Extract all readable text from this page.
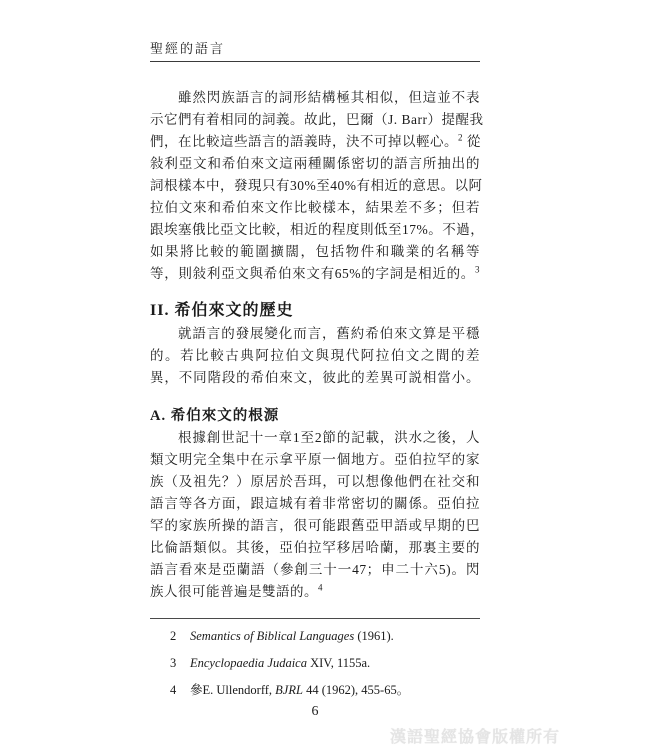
聖經的語言
雖然閃族語言的詞形結構極其相似，但這並不表
示它們有着相同的詞義。故此，巴爾（J. Barr）提醒我
們，在比較這些語言的語義時，決不可掉以輕心。$^2$ 從
敍利亞文和希伯來文這兩種關係密切的語言所抽出的
詞根樣本中，發現只有30%至40%有相近的意思。以阿
拉伯文來和希伯來文作比較樣本，結果差不多；但若
跟埃塞俄比亞文比較，相近的程度則低至17%。不過，
如果將比較的範圍擴闊，包括物件和職業的名稱等
等，則敍利亞文與希伯來文有65%的字詞是相近的。$^3$
II. 希伯來文的歷史
就語言的發展變化而言，舊約希伯來文算是平穩
的。若比較古典阿拉伯文與現代阿拉伯文之間的差
異，不同階段的希伯來文，彼此的差異可説相當小。
A. 希伯來文的根源
根據創世記十一章1至2節的記載，洪水之後，人
類文明完全集中在示拿平原一個地方。亞伯拉罕的家
族（及祖先？）原居於吾珥，可以想像他們在社交和
語言等各方面，跟這城有着非常密切的關係。亞伯拉
罕的家族所操的語言，很可能跟舊亞甲語或早期的巴
比倫語類似。其後，亞伯拉罕移居哈蘭，那裏主要的
語言看來是亞蘭語（參創三十一47；申二十六5)。閃
族人很可能普遍是雙語的。$^4$
2	Semantics of Biblical Languages (1961).
3	Encyclopaedia Judaica XIV, 1155a.
4	參E. Ullendorff, BJRL 44 (1962), 455-65。
6
漢語聖經協會版權所有
